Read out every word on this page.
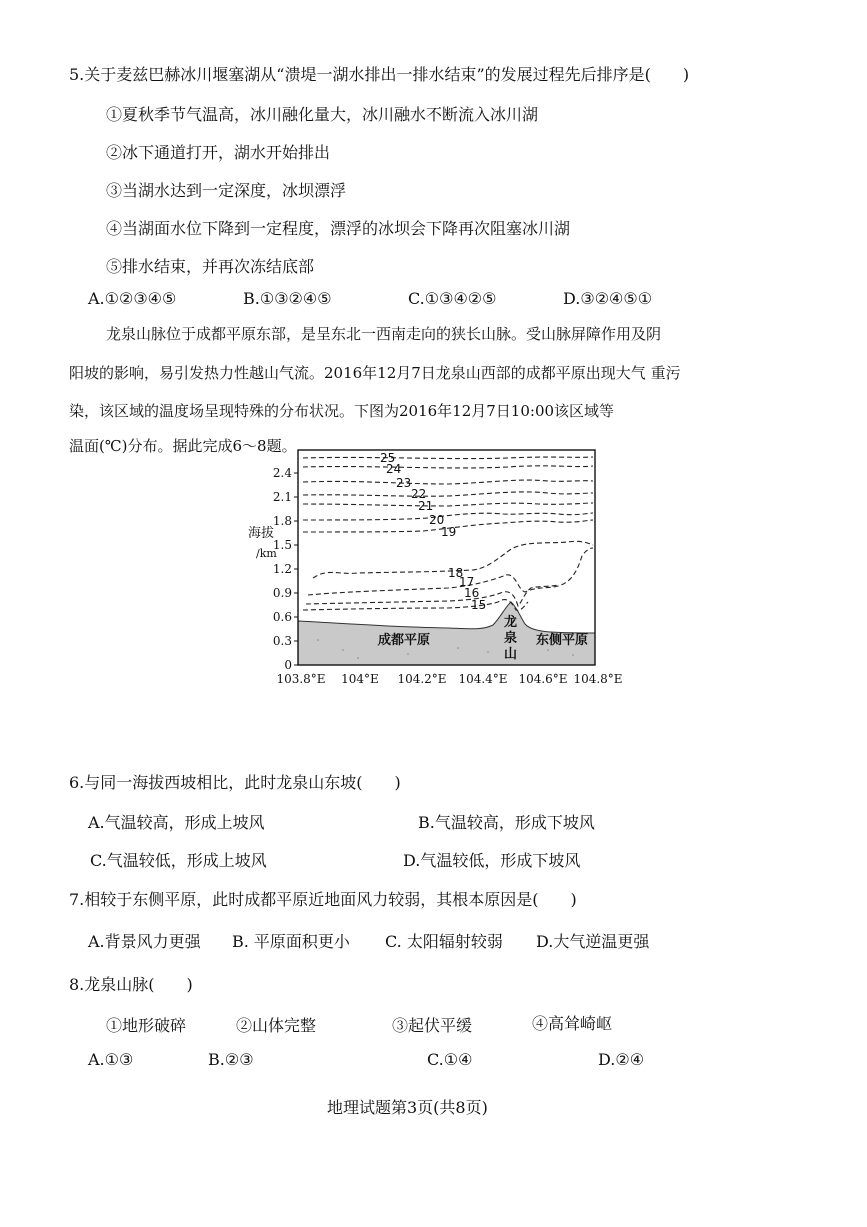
5.关于麦兹巴赫冰川堰塞湖从“溃堤一湖水排出一排水结束”的发展过程先后排序是(　　)
①夏秋季节气温高，冰川融化量大，冰川融水不断流入冰川湖
②冰下通道打开，湖水开始排出
③当湖水达到一定深度，冰坝漂浮
④当湖面水位下降到一定程度，漂浮的冰坝会下降再次阻塞冰川湖
⑤排水结束，并再次冻结底部
A.①②③④⑤	B.①③②④⑤	C.①③④②⑤	D.③②④⑤①
龙泉山脉位于成都平原东部，是呈东北一西南走向的狭长山脉。受山脉屏障作用及阴
阳坡的影响，易引发热力性越山气流。2016年12月7日龙泉山西部的成都平原出现大气 重污
染，该区域的温度场呈现特殊的分布状况。下图为2016年12月7日10:00该区域等
温面(℃)分布。据此完成6～8题。
海拔
/km
25
24
23
22
21
20
19
18
17
16
15
成都平原	东侧平原
龙
泉
山
0
0.3
0.6
0.9
1.2
1.5
1.8
2.1
2.4
103.8°E 104°E 104.2°E 104.4°E 104.6°E 104.8°E
6.与同一海拔西坡相比，此时龙泉山东坡(　　)
A.气温较高，形成上坡风	B.气温较高，形成下坡风
C.气温较低，形成上坡风	D.气温较低，形成下坡风
7.相较于东侧平原，此时成都平原近地面风力较弱，其根本原因是(　　)
A.背景风力更强 B. 平原面积更小 C. 太阳辐射较弱 D.大气逆温更强
8.龙泉山脉(　　)
①地形破碎	②山体完整	③起伏平缓	④高耸崎岖
A.①③	B.②③	C.①④	D.②④
地理试题第3页(共8页)
